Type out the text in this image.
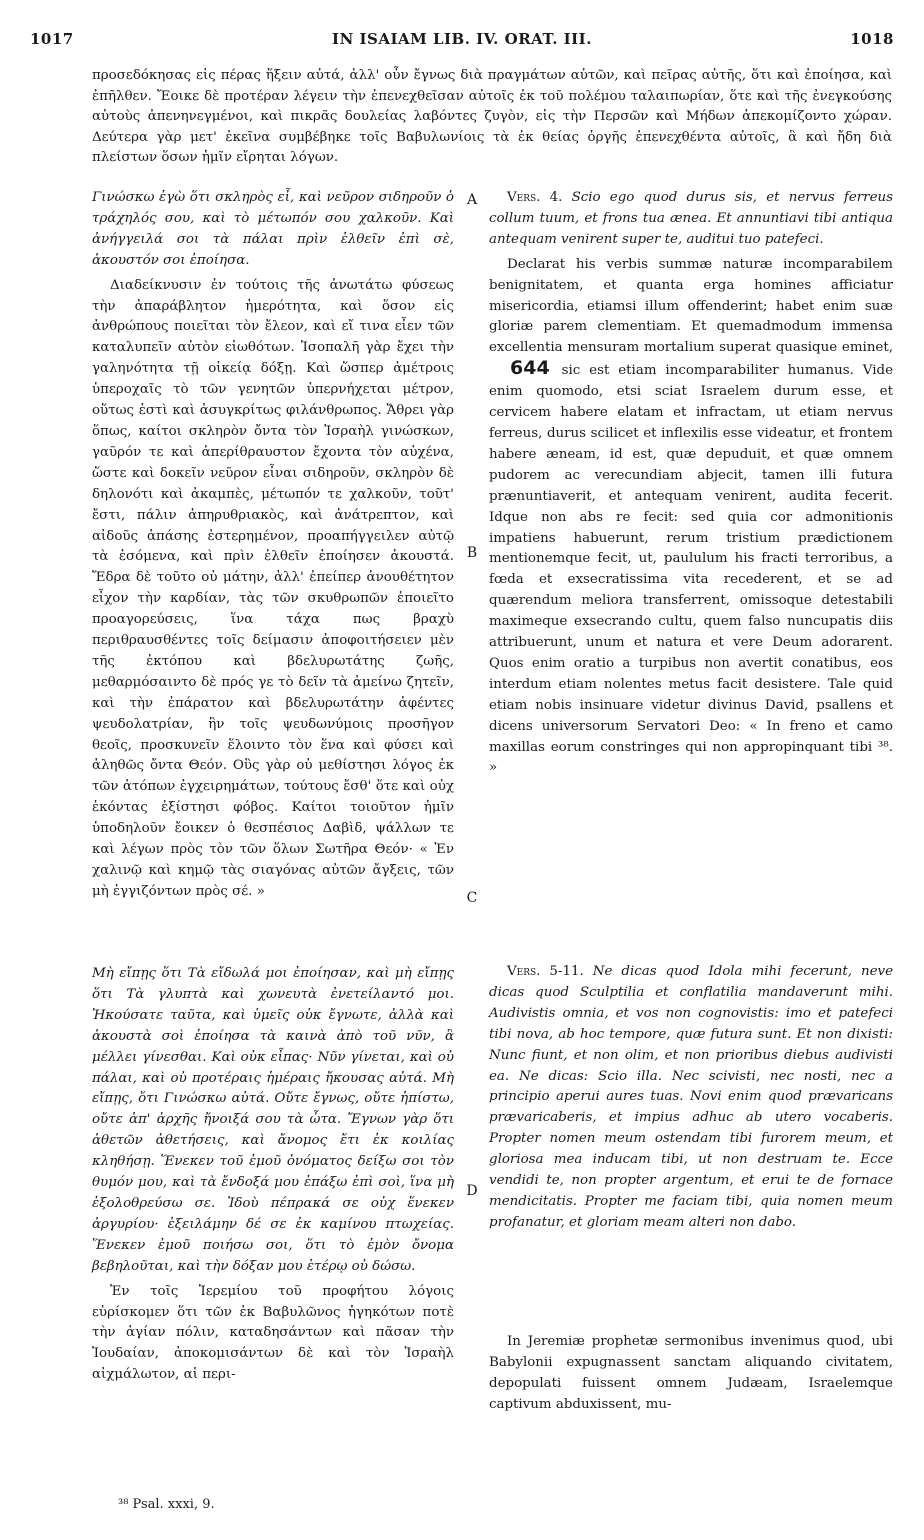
1017	IN ISAIAM LIB. IV. ORAT. III.	1018

προσεδόκησας εἰς πέρας ἥξειν αὐτά, ἀλλ' οὖν ἔγνως διὰ πραγμάτων αὐτῶν, καὶ πεῖρας αὐτῆς, ὅτι καὶ ἐποίησα, καὶ ἐπῆλθεν. Ἔοικε δὲ προτέραν λέγειν τὴν ἐπενεχθεῖσαν αὐτοῖς ἐκ τοῦ πολέμου ταλαιπωρίαν, ὅτε καὶ τῆς ἐνεγκούσης αὐτοὺς ἀπενηνεγμένοι, καὶ πικρᾶς δουλείας λαβόντες ζυγὸν, εἰς τὴν Περσῶν καὶ Μήδων ἀπεκομίζοντο χώραν. Δεύτερα γὰρ μετ' ἐκεῖνα συμβέβηκε τοῖς Βαβυλωνίοις τὰ ἐκ θείας ὀργῆς ἐπενεχθέντα αὐτοῖς, ἃ καὶ ἤδη διὰ πλείστων ὅσων ἡμῖν εἴρηται λόγων.

A
B
C
D

Γινώσκω ἐγὼ ὅτι σκληρὸς εἶ, καὶ νεῦρον σιδηροῦν ὁ τράχηλός σου, καὶ τὸ μέτωπόν σου χαλκοῦν. Καὶ ἀνήγγειλά σοι τὰ πάλαι πρὶν ἐλθεῖν ἐπὶ σὲ, ἀκουστόν σοι ἐποίησα.

Διαδείκνυσιν ἐν τούτοις τῆς ἀνωτάτω φύσεως τὴν ἀπαράβλητον ἡμερότητα, καὶ ὅσον εἰς ἀνθρώπους ποιεῖται τὸν ἔλεον, καὶ εἴ τινα εἶεν τῶν καταλυπεῖν αὐτὸν εἰωθότων. Ἰσοπαλῆ γὰρ ἔχει τὴν γαληνότητα τῇ οἰκείᾳ δόξῃ. Καὶ ὥσπερ ἀμέτροις ὑπεροχαῖς τὸ τῶν γενητῶν ὑπερνήχεται μέτρον, οὕτως ἐστὶ καὶ ἀσυγκρίτως φιλάνθρωπος. Ἄθρει γὰρ ὅπως, καίτοι σκληρὸν ὄντα τὸν Ἰσραὴλ γινώσκων, γαῦρόν τε καὶ ἀπερίθραυστον ἔχοντα τὸν αὐχένα, ὥστε καὶ δοκεῖν νεῦρον εἶναι σιδηροῦν, σκληρὸν δὲ δηλονότι καὶ ἀκαμπὲς, μέτωπόν τε χαλκοῦν, τοῦτ' ἔστι, πάλιν ἀπηρυθριακὸς, καὶ ἀνάτρεπτον, καὶ αἰδοῦς ἁπάσης ἐστερημένον, προαπήγγειλεν αὐτῷ τὰ ἐσόμενα, καὶ πρὶν ἐλθεῖν ἐποίησεν ἀκουστά. Ἔδρα δὲ τοῦτο οὐ μάτην, ἀλλ' ἐπείπερ ἀνουθέτητον εἶχον τὴν καρδίαν, τὰς τῶν σκυθρωπῶν ἐποιεῖτο προαγορεύσεις, ἵνα τάχα πως βραχὺ περιθραυσθέντες τοῖς δείμασιν ἀποφοιτήσειεν μὲν τῆς ἐκτόπου καὶ βδελυρωτάτης ζωῆς, μεθαρμόσαιντο δὲ πρός γε τὸ δεῖν τὰ ἀμείνω ζητεῖν, καὶ τὴν ἐπάρατον καὶ βδελυρωτάτην ἀφέντες ψευδολατρίαν, ἣν τοῖς ψευδωνύμοις προσῆγον θεοῖς, προσκυνεῖν ἕλοιντο τὸν ἕνα καὶ φύσει καὶ ἀληθῶς ὄντα Θεόν. Οὓς γὰρ οὐ μεθίστησι λόγος ἐκ τῶν ἀτόπων ἐγχειρημάτων, τούτους ἔσθ' ὅτε καὶ οὐχ ἑκόντας ἐξίστησι φόβος. Καίτοι τοιοῦτον ἡμῖν ὑποδηλοῦν ἔοικεν ὁ θεσπέσιος Δαβὶδ, ψάλλων τε καὶ λέγων πρὸς τὸν τῶν ὅλων Σωτῆρα Θεόν· « Ἐν χαλινῷ καὶ κημῷ τὰς σιαγόνας αὐτῶν ἄγξεις, τῶν μὴ ἐγγιζόντων πρὸς σέ. »

Μὴ εἴπῃς ὅτι Τὰ εἴδωλά μοι ἐποίησαν, καὶ μὴ εἴπῃς ὅτι Τὰ γλυπτὰ καὶ χωνευτὰ ἐνετείλαντό μοι. Ἠκούσατε ταῦτα, καὶ ὑμεῖς οὐκ ἔγνωτε, ἀλλὰ καὶ ἀκουστὰ σοὶ ἐποίησα τὰ καινὰ ἀπὸ τοῦ νῦν, ἃ μέλλει γίνεσθαι. Καὶ οὐκ εἶπας· Νῦν γίνεται, καὶ οὐ πάλαι, καὶ οὐ προτέραις ἡμέραις ἤκουσας αὐτά. Μὴ εἴπῃς, ὅτι Γινώσκω αὐτά. Οὔτε ἔγνως, οὔτε ἠπίστω, οὔτε ἀπ' ἀρχῆς ἤνοιξά σου τὰ ὦτα. Ἔγνων γὰρ ὅτι ἀθετῶν ἀθετήσεις, καὶ ἄνομος ἔτι ἐκ κοιλίας κληθήσῃ. Ἕνεκεν τοῦ ἐμοῦ ὀνόματος δείξω σοι τὸν θυμόν μου, καὶ τὰ ἔνδοξά μου ἐπάξω ἐπὶ σοὶ, ἵνα μὴ ἐξολοθρεύσω σε. Ἰδοὺ πέπρακά σε οὐχ ἕνεκεν ἀργυρίου· ἐξειλάμην δέ σε ἐκ καμίνου πτωχείας. Ἕνεκεν ἐμοῦ ποιήσω σοι, ὅτι τὸ ἐμὸν ὄνομα βεβηλοῦται, καὶ τὴν δόξαν μου ἑτέρῳ οὐ δώσω.

Ἐν τοῖς Ἱερεμίου τοῦ προφήτου λόγοις εὑρίσκομεν ὅτι τῶν ἐκ Βαβυλῶνος ἡγηκότων ποτὲ τὴν ἁγίαν πόλιν, καταδησάντων καὶ πᾶσαν τὴν Ἰουδαίαν, ἀποκομισάντων δὲ καὶ τὸν Ἰσραὴλ αἰχμάλωτον, αἱ περι-

Vers. 4. Scio ego quod durus sis, et nervus ferreus collum tuum, et frons tua ænea. Et annuntiavi tibi antiqua antequam venirent super te, auditui tuo patefeci.

Declarat his verbis summæ naturæ incomparabilem benignitatem, et quanta erga homines afficiatur misericordia, etiamsi illum offenderint; habet enim suæ gloriæ parem clementiam. Et quemadmodum immensa excellentia mensuram mortalium superat quasique eminet, 644 sic est etiam incomparabiliter humanus. Vide enim quomodo, etsi sciat Israelem durum esse, et cervicem habere elatam et infractam, ut etiam nervus ferreus, durus scilicet et inflexilis esse videatur, et frontem habere æneam, id est, quæ depuduit, et quæ omnem pudorem ac verecundiam abjecit, tamen illi futura prænuntiaverit, et antequam venirent, audita fecerit. Idque non abs re fecit: sed quia cor admonitionis impatiens habuerunt, rerum tristium prædictionem mentionemque fecit, ut, paululum his fracti terroribus, a fœda et exsecratissima vita recederent, et se ad quærendum meliora transferrent, omissoque detestabili maximeque exsecrando cultu, quem falso nuncupatis diis attribuerunt, unum et natura et vere Deum adorarent. Quos enim oratio a turpibus non avertit conatibus, eos interdum etiam nolentes metus facit desistere. Tale quid etiam nobis insinuare videtur divinus David, psallens et dicens universorum Servatori Deo: « In freno et camo maxillas eorum constringes qui non appropinquant tibi ³⁸. »

Vers. 5-11. Ne dicas quod Idola mihi fecerunt, neve dicas quod Sculptilia et conflatilia mandaverunt mihi. Audivistis omnia, et vos non cognovistis: imo et patefeci tibi nova, ab hoc tempore, quæ futura sunt. Et non dixisti: Nunc fiunt, et non olim, et non prioribus diebus audivisti ea. Ne dicas: Scio illa. Nec scivisti, nec nosti, nec a principio aperui aures tuas. Novi enim quod prævaricans prævaricaberis, et impius adhuc ab utero vocaberis. Propter nomen meum ostendam tibi furorem meum, et gloriosa mea inducam tibi, ut non destruam te. Ecce vendidi te, non propter argentum, et erui te de fornace mendicitatis. Propter me faciam tibi, quia nomen meum profanatur, et gloriam meam alteri non dabo.

In Jeremiæ prophetæ sermonibus invenimus quod, ubi Babylonii expugnassent sanctam aliquando civitatem, depopulati fuissent omnem Judæam, Israelemque captivum abduxissent, mu-

³⁸ Psal. xxxi, 9.
